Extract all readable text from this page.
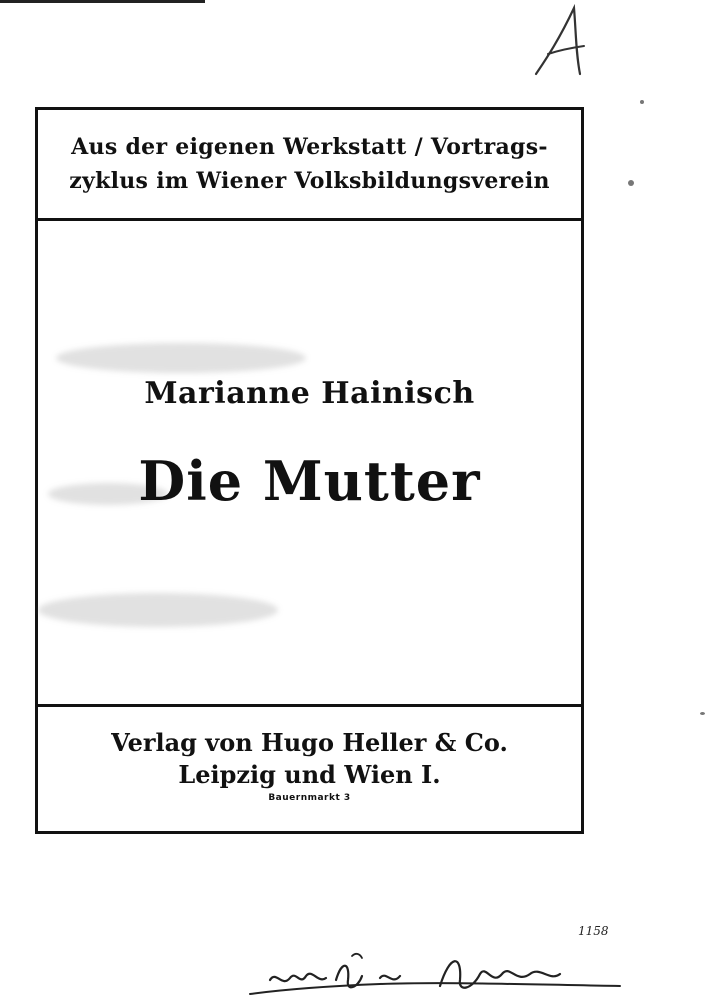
Aus der eigenen Werkstatt / Vortrags-
zyklus im Wiener Volksbildungsverein
Marianne Hainisch
Die Mutter
Verlag von Hugo Heller & Co.
Leipzig und Wien I.
Bauernmarkt 3
1158
